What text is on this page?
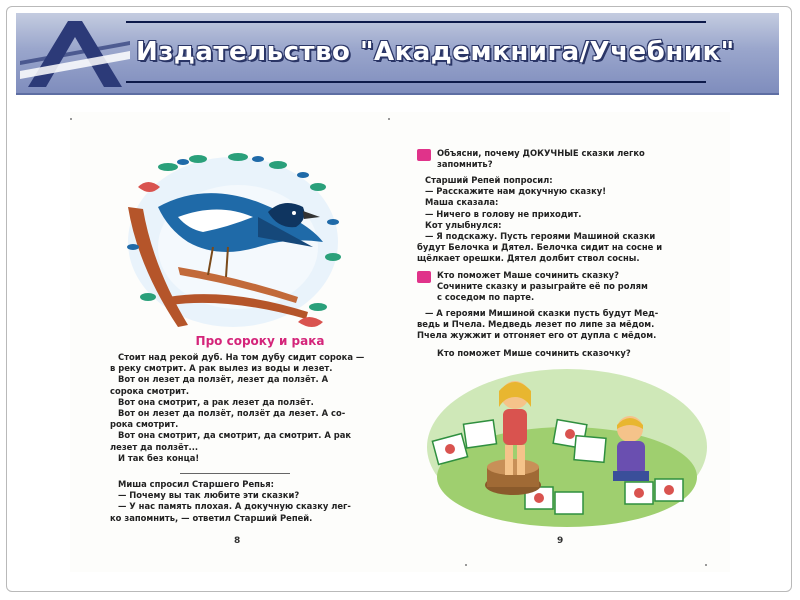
Издательство "Академкнига/Учебник"
Про сороку и рака
Стоит над рекой дуб. На том дубу сидит сорока —
в реку смотрит. А рак вылез из воды и лезет.
Вот он лезет да ползёт, лезет да ползёт. А
сорока смотрит.
Вот она смотрит, а рак лезет да ползёт.
Вот он лезет да ползёт, ползёт да лезет. А со-
рока смотрит.
Вот она смотрит, да смотрит, да смотрит. А рак
лезет да ползёт...
И так без конца!
Миша спросил Старшего Репья:
— Почему вы так любите эти сказки?
— У нас память плохая. А докучную сказку лег-
ко запомнить, — ответил Старший Репей.
8
Объясни, почему ДОКУЧНЫЕ сказки легко
запомнить?
Старший Репей попросил:
— Расскажите нам докучную сказку!
Маша сказала:
— Ничего в голову не приходит.
Кот улыбнулся:
— Я подскажу. Пусть героями Машиной сказки
будут Белочка и Дятел. Белочка сидит на сосне и
щёлкает орешки. Дятел долбит ствол сосны.
Кто поможет Маше сочинить сказку?
Сочините сказку и разыграйте её по ролям
с соседом по парте.
— А героями Мишиной сказки пусть будут Мед-
ведь и Пчела. Медведь лезет по липе за мёдом.
Пчела жужжит и отгоняет его от дупла с мёдом.
Кто поможет Мише сочинить сказочку?
9
